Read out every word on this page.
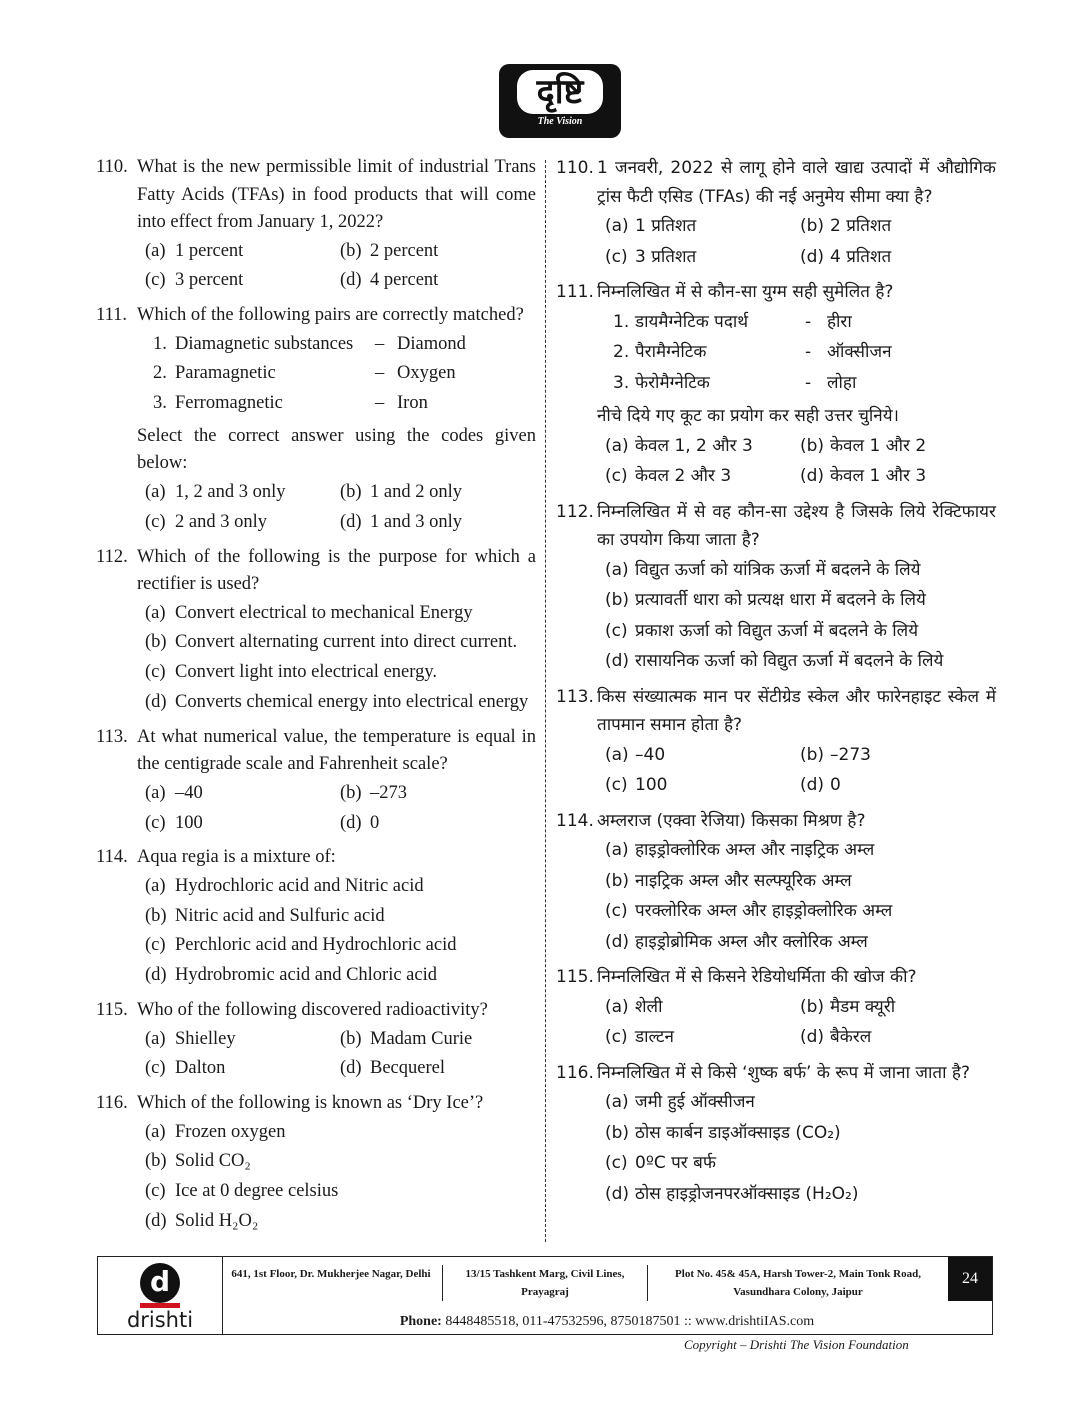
दृष्टि
The Vision
110. What is the new permissible limit of industrial Trans Fatty Acids (TFAs) in food products that will come into effect from January 1, 2022?
(a) 1 percent	(b) 2 percent
(c) 3 percent	(d) 4 percent
111. Which of the following pairs are correctly matched?
1. Diamagnetic substances	– Diamond
2. Paramagnetic	– Oxygen
3. Ferromagnetic	– Iron
Select the correct answer using the codes given below:
(a) 1, 2 and 3 only	(b) 1 and 2 only
(c) 2 and 3 only	(d) 1 and 3 only
112. Which of the following is the purpose for which a rectifier is used?
(a) Convert electrical to mechanical Energy
(b) Convert alternating current into direct current.
(c) Convert light into electrical energy.
(d) Converts chemical energy into electrical energy
113. At what numerical value, the temperature is equal in the centigrade scale and Fahrenheit scale?
(a) –40	(b) –273
(c) 100	(d) 0
114. Aqua regia is a mixture of:
(a) Hydrochloric acid and Nitric acid
(b) Nitric acid and Sulfuric acid
(c) Perchloric acid and Hydrochloric acid
(d) Hydrobromic acid and Chloric acid
115. Who of the following discovered radioactivity?
(a) Shielley	(b) Madam Curie
(c) Dalton	(d) Becquerel
116. Which of the following is known as ‘Dry Ice’?
(a) Frozen oxygen
(b) Solid CO₂
(c) Ice at 0 degree celsius
(d) Solid H₂O₂
110. 1 जनवरी, 2022 से लागू होने वाले खाद्य उत्पादों में औद्योगिक ट्रांस फैटी एसिड (TFAs) की नई अनुमेय सीमा क्या है?
(a) 1 प्रतिशत	(b) 2 प्रतिशत
(c) 3 प्रतिशत	(d) 4 प्रतिशत
111. निम्नलिखित में से कौन-सा युग्म सही सुमेलित है?
1. डायमैग्नेटिक पदार्थ	- हीरा
2. पैरामैग्नेटिक	- ऑक्सीजन
3. फेरोमैग्नेटिक	- लोहा
नीचे दिये गए कूट का प्रयोग कर सही उत्तर चुनिये।
(a) केवल 1, 2 और 3	(b) केवल 1 और 2
(c) केवल 2 और 3	(d) केवल 1 और 3
112. निम्नलिखित में से वह कौन-सा उद्देश्य है जिसके लिये रेक्टिफायर का उपयोग किया जाता है?
(a) विद्युत ऊर्जा को यांत्रिक ऊर्जा में बदलने के लिये
(b) प्रत्यावर्ती धारा को प्रत्यक्ष धारा में बदलने के लिये
(c) प्रकाश ऊर्जा को विद्युत ऊर्जा में बदलने के लिये
(d) रासायनिक ऊर्जा को विद्युत ऊर्जा में बदलने के लिये
113. किस संख्यात्मक मान पर सेंटीग्रेड स्केल और फारेनहाइट स्केल में तापमान समान होता है?
(a) –40	(b) –273
(c) 100	(d) 0
114. अम्लराज (एक्वा रेजिया) किसका मिश्रण है?
(a) हाइड्रोक्लोरिक अम्ल और नाइट्रिक अम्ल
(b) नाइट्रिक अम्ल और सल्फ्यूरिक अम्ल
(c) परक्लोरिक अम्ल और हाइड्रोक्लोरिक अम्ल
(d) हाइड्रोब्रोमिक अम्ल और क्लोरिक अम्ल
115. निम्नलिखित में से किसने रेडियोधर्मिता की खोज की?
(a) शेली	(b) मैडम क्यूरी
(c) डाल्टन	(d) बैकेरल
116. निम्नलिखित में से किसे ‘शुष्क बर्फ’ के रूप में जाना जाता है?
(a) जमी हुई ऑक्सीजन
(b) ठोस कार्बन डाइऑक्साइड (CO₂)
(c) 0ºC पर बर्फ
(d) ठोस हाइड्रोजनपरऑक्साइड (H₂O₂)
d
drishti
641, 1st Floor, Dr. Mukherjee Nagar, Delhi	13/15 Tashkent Marg, Civil Lines, Prayagraj
Plot No. 45& 45A, Harsh Tower-2, Main Tonk Road, Vasundhara Colony, Jaipur
24
Phone: 8448485518, 011-47532596, 8750187501 :: www.drishtiIAS.com
Copyright – Drishti The Vision Foundation
